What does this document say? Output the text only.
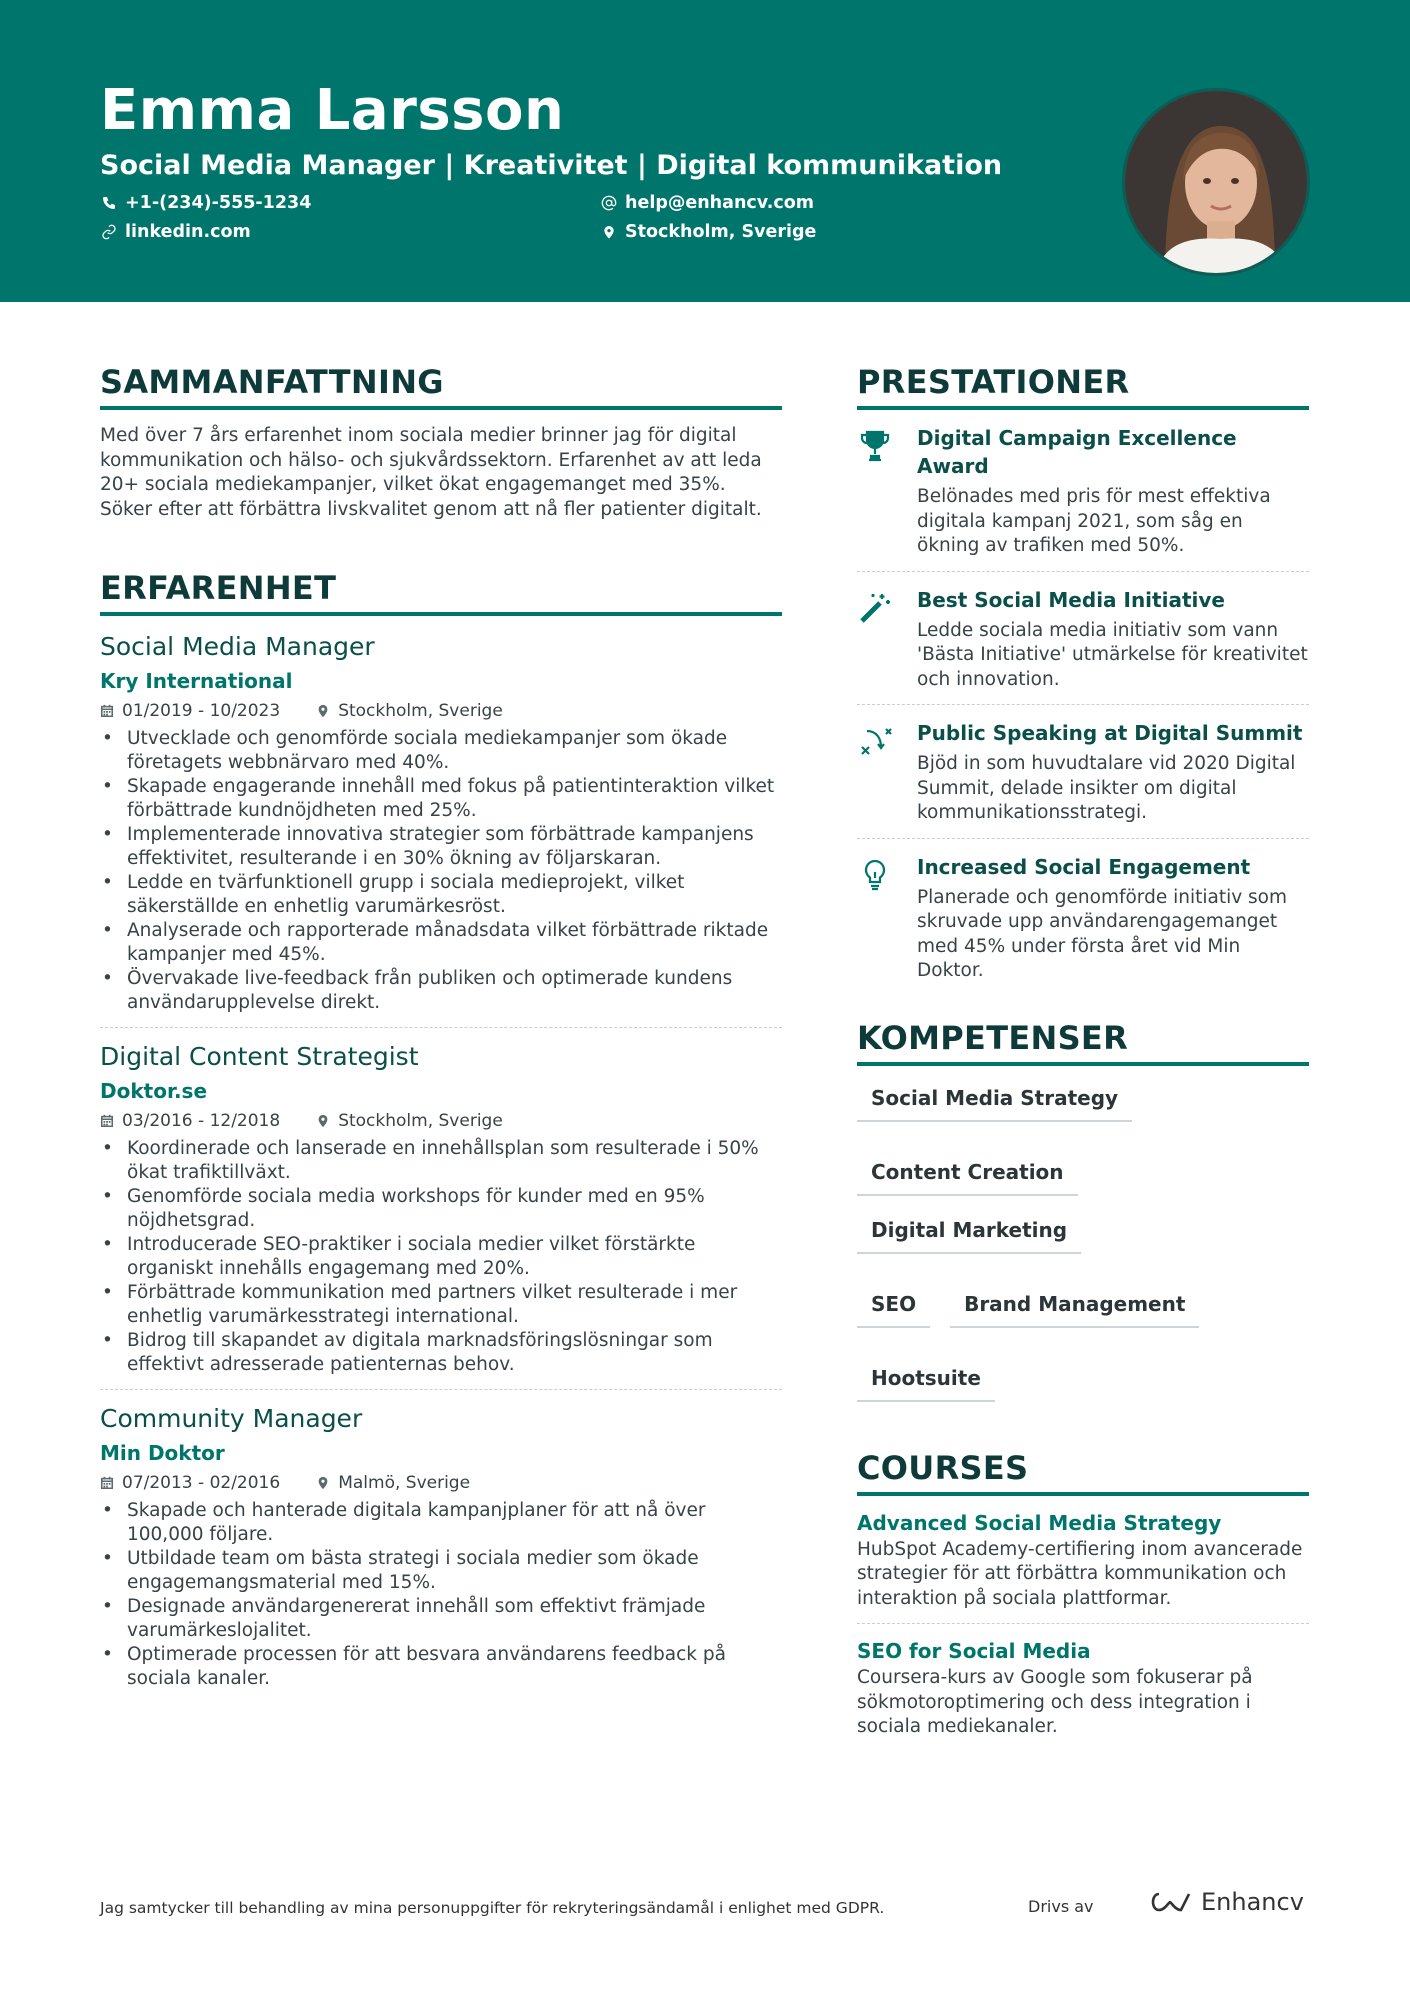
Emma Larsson
Social Media Manager | Kreativitet | Digital kommunikation
+1-(234)-555-1234	help@enhancv.com
linkedin.com	Stockholm, Sverige
SAMMANFATTNING

Med över 7 års erfarenhet inom sociala medier brinner jag för digital kommunikation och hälso- och sjukvårdssektorn. Erfarenhet av att leda 20+ sociala mediekampanjer, vilket ökat engagemanget med 35%. Söker efter att förbättra livskvalitet genom att nå fler patienter digitalt.

ERFARENHET
Social Media Manager
Kry International
01/2019 - 10/2023	Stockholm, Sverige
• Utvecklade och genomförde sociala mediekampanjer som ökade företagets webbnärvaro med 40%.
• Skapade engagerande innehåll med fokus på patientinteraktion vilket förbättrade kundnöjdheten med 25%.
• Implementerade innovativa strategier som förbättrade kampanjens effektivitet, resulterande i en 30% ökning av följarskaran.
• Ledde en tvärfunktionell grupp i sociala medieprojekt, vilket säkerställde en enhetlig varumärkesröst.
• Analyserade och rapporterade månadsdata vilket förbättrade riktade kampanjer med 45%.
• Övervakade live-feedback från publiken och optimerade kundens användarupplevelse direkt.
Digital Content Strategist
Doktor.se
03/2016 - 12/2018	Stockholm, Sverige
• Koordinerade och lanserade en innehållsplan som resulterade i 50% ökat trafiktillväxt.
• Genomförde sociala media workshops för kunder med en 95% nöjdhetsgrad.
• Introducerade SEO-praktiker i sociala medier vilket förstärkte organiskt innehålls engagemang med 20%.
• Förbättrade kommunikation med partners vilket resulterade i mer enhetlig varumärkesstrategi international.
• Bidrog till skapandet av digitala marknadsföringslösningar som effektivt adresserade patienternas behov.
Community Manager
Min Doktor
07/2013 - 02/2016	Malmö, Sverige
• Skapade och hanterade digitala kampanjplaner för att nå över 100,000 följare.
• Utbildade team om bästa strategi i sociala medier som ökade engagemangsmaterial med 15%.
• Designade användargenererat innehåll som effektivt främjade varumärkeslojalitet.
• Optimerade processen för att besvara användarens feedback på sociala kanaler.
PRESTATIONER
Digital Campaign Excellence Award
Belönades med pris för mest effektiva digitala kampanj 2021, som såg en ökning av trafiken med 50%.
Best Social Media Initiative
Ledde sociala media initiativ som vann 'Bästa Initiative' utmärkelse för kreativitet och innovation.
Public Speaking at Digital Summit
Bjöd in som huvudtalare vid 2020 Digital Summit, delade insikter om digital kommunikationsstrategi.
Increased Social Engagement
Planerade och genomförde initiativ som skruvade upp användarengagemanget med 45% under första året vid Min Doktor.
KOMPETENSER
Social Media Strategy
Content Creation
Digital Marketing
SEO	Brand Management
Hootsuite
COURSES
Advanced Social Media Strategy
HubSpot Academy-certifiering inom avancerade strategier för att förbättra kommunikation och interaktion på sociala plattformar.
SEO for Social Media
Coursera-kurs av Google som fokuserar på sökmotoroptimering och dess integration i sociala mediekanaler.
Jag samtycker till behandling av mina personuppgifter för rekryteringsändamål i enlighet med GDPR.	Drivs av	Enhancv
